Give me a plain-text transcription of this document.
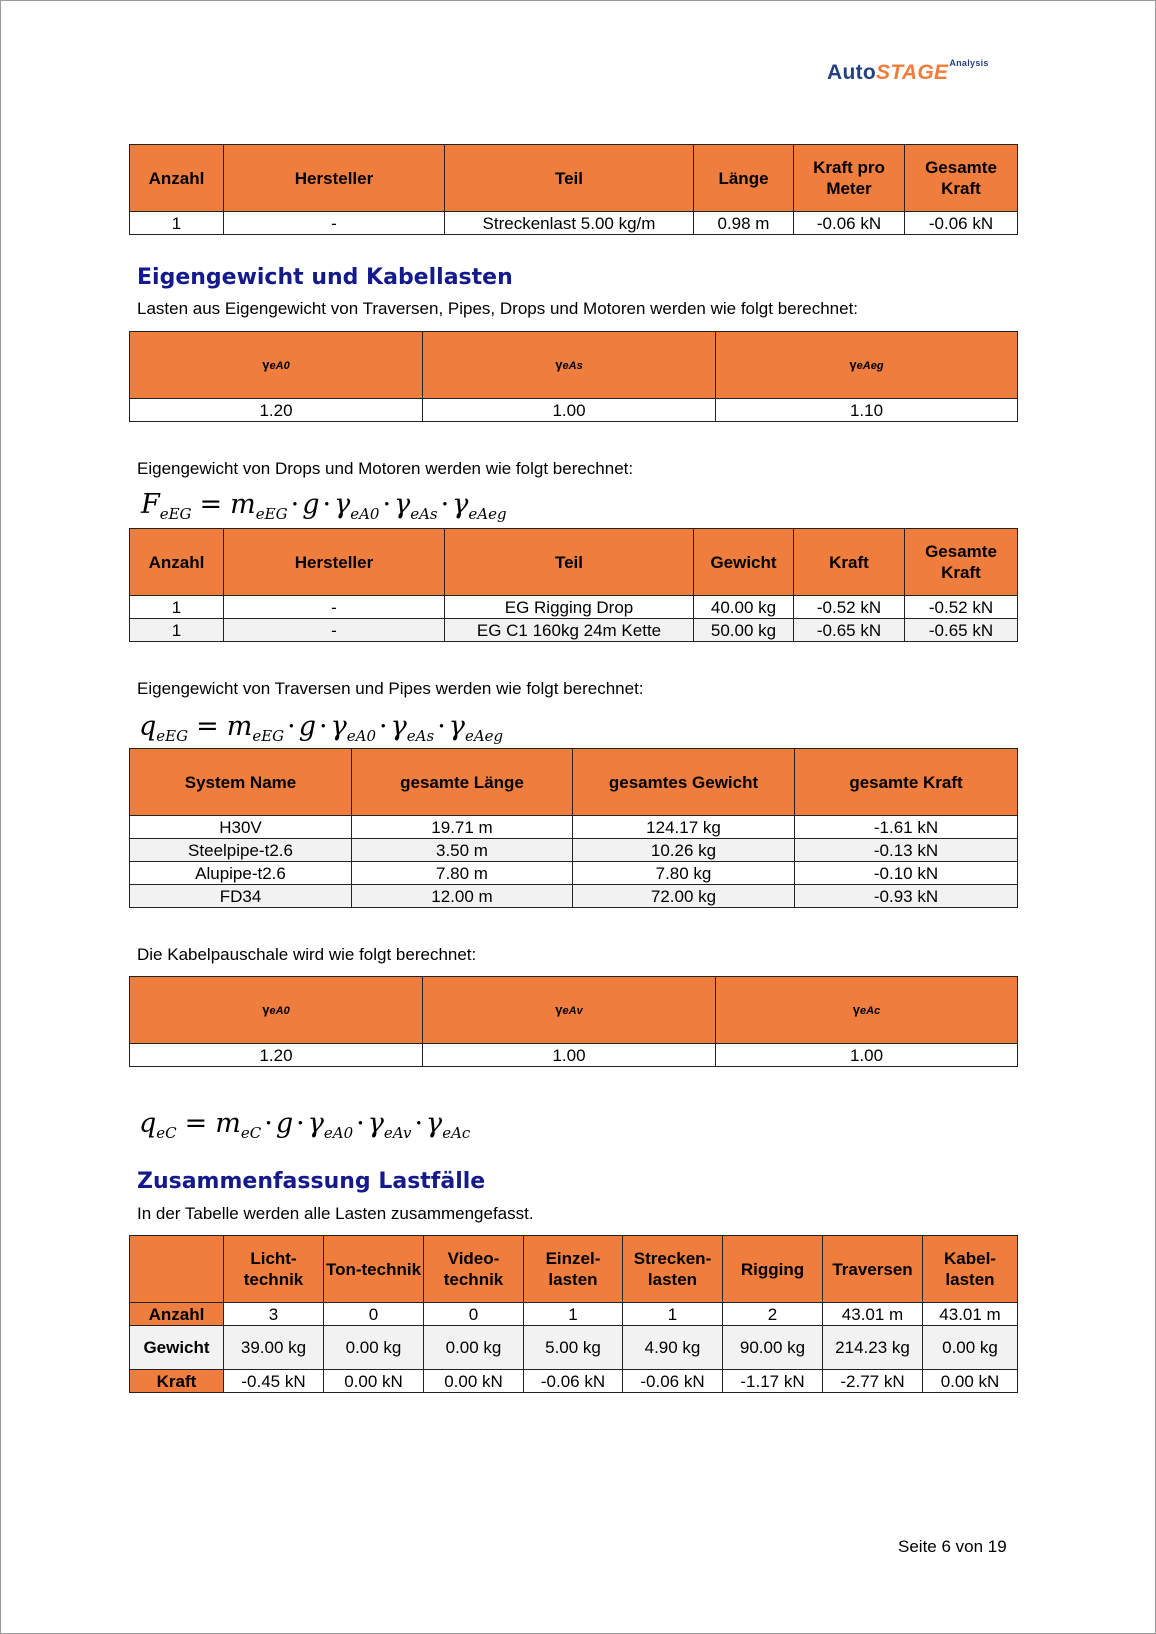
AutoSTAGE$^{Analysis}$
Anzahl	Hersteller	Teil	Länge	Kraft pro Meter	Gesamte Kraft
1	-	Streckenlast 5.00 kg/m	0.98 m	-0.06 kN	-0.06 kN
Eigengewicht und Kabellasten
Lasten aus Eigengewicht von Traversen, Pipes, Drops und Motoren werden wie folgt berechnet:
γeA0	γeAs	γeAeg
1.20	1.00	1.10
Eigengewicht von Drops und Motoren werden wie folgt berechnet:
$F_{eEG} = m_{eEG} \cdot g \cdot \gamma_{eA0} \cdot \gamma_{eAs} \cdot \gamma_{eAeg}$
Anzahl	Hersteller	Teil	Gewicht	Kraft	Gesamte Kraft
1	-	EG Rigging Drop	40.00 kg	-0.52 kN	-0.52 kN
1	-	EG C1 160kg 24m Kette	50.00 kg	-0.65 kN	-0.65 kN
Eigengewicht von Traversen und Pipes werden wie folgt berechnet:
$q_{eEG} = m_{eEG} \cdot g \cdot \gamma_{eA0} \cdot \gamma_{eAs} \cdot \gamma_{eAeg}$
System Name	gesamte Länge	gesamtes Gewicht	gesamte Kraft
H30V	19.71 m	124.17 kg	-1.61 kN
Steelpipe-t2.6	3.50 m	10.26 kg	-0.13 kN
Alupipe-t2.6	7.80 m	7.80 kg	-0.10 kN
FD34	12.00 m	72.00 kg	-0.93 kN
Die Kabelpauschale wird wie folgt berechnet:
γeA0	γeAv	γeAc
1.20	1.00	1.00
$q_{eC} = m_{eC} \cdot g \cdot \gamma_{eA0} \cdot \gamma_{eAv} \cdot \gamma_{eAc}$
Zusammenfassung Lastfälle
In der Tabelle werden alle Lasten zusammengefasst.
	Licht-technik	Ton-technik	Video-technik	Einzel-lasten	Strecken-lasten	Rigging	Traversen	Kabel-lasten
Anzahl	3	0	0	1	1	2	43.01 m	43.01 m
Gewicht	39.00 kg	0.00 kg	0.00 kg	5.00 kg	4.90 kg	90.00 kg	214.23 kg	0.00 kg
Kraft	-0.45 kN	0.00 kN	0.00 kN	-0.06 kN	-0.06 kN	-1.17 kN	-2.77 kN	0.00 kN
Seite 6 von 19
